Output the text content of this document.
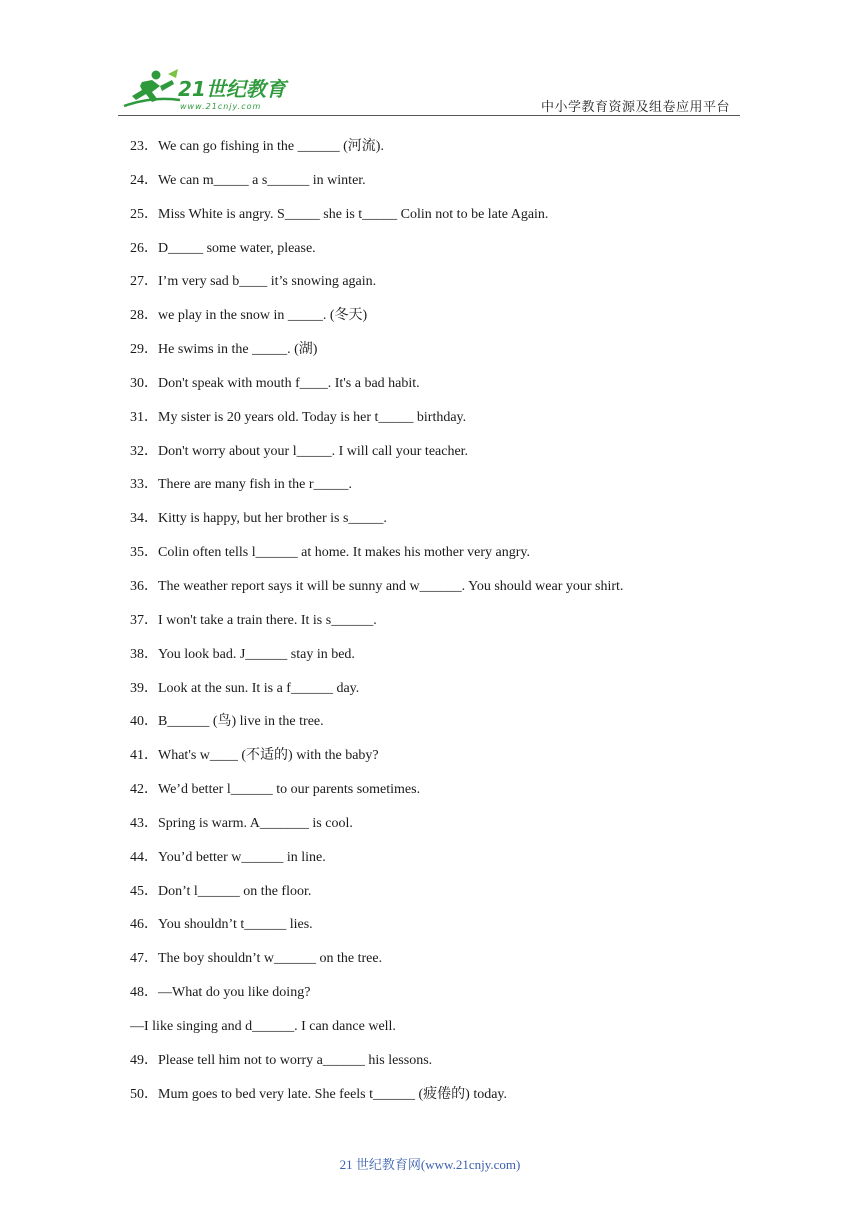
21世纪教育
www.21cnjy.com	中小学教育资源及组卷应用平台
23．We can go fishing in the ______ (河流).
24．We can m_____ a s______ in winter.
25．Miss White is angry. S_____ she is t_____ Colin not to be late Again.
26．D_____ some water, please.
27．I’m very sad b____ it’s snowing again.
28．we play in the snow in _____. (冬天)
29．He swims in the _____. (湖)
30．Don't speak with mouth f____. It's a bad habit.
31．My sister is 20 years old. Today is her t_____ birthday.
32．Don't worry about your l_____. I will call your teacher.
33．There are many fish in the r_____.
34．Kitty is happy, but her brother is s_____.
35．Colin often tells l______ at home. It makes his mother very angry.
36．The weather report says it will be sunny and w______. You should wear your shirt.
37．I won't take a train there. It is s______.
38．You look bad. J______ stay in bed.
39．Look at the sun. It is a f______ day.
40．B______ (鸟) live in the tree.
41．What's w____ (不适的) with the baby?
42．We’d better l______ to our parents sometimes.
43．Spring is warm. A_______ is cool.
44．You’d better w______ in line.
45．Don’t l______ on the floor.
46．You shouldn’t t______ lies.
47．The boy shouldn’t w______ on the tree.
48．—What do you like doing?
—I like singing and d______. I can dance well.
49．Please tell him not to worry a______ his lessons.
50．Mum goes to bed very late. She feels t______ (疲倦的) today.
21 世纪教育网(www.21cnjy.com)
